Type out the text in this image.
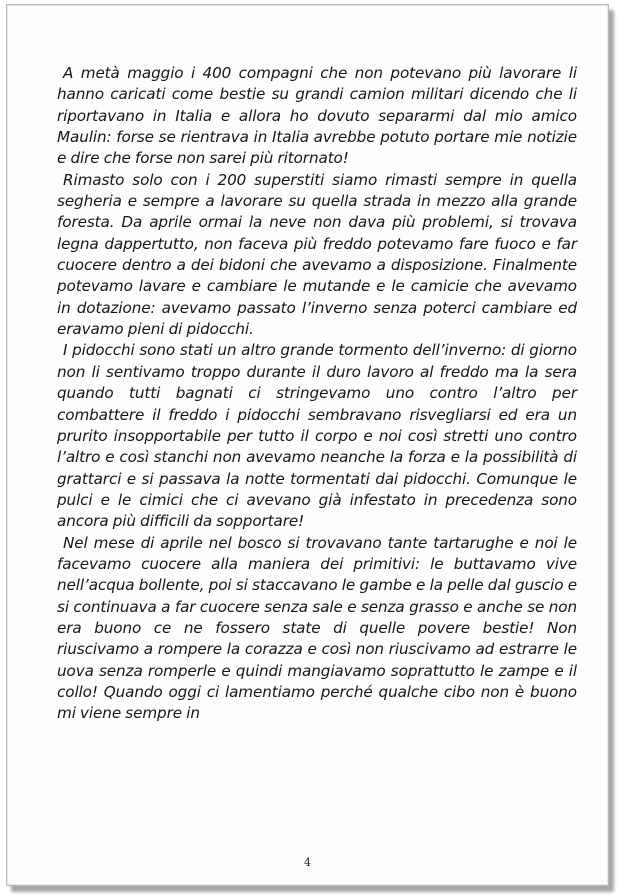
A metà maggio i 400 compagni che non potevano più lavorare li hanno caricati come bestie su grandi camion militari dicendo che li riportavano in Italia e allora ho dovuto separarmi dal mio amico Maulin: forse se rientrava in Italia avrebbe potuto portare mie notizie e dire che forse non sarei più ritornato!

Rimasto solo con i 200 superstiti siamo rimasti sempre in quella segheria e sempre a lavorare su quella strada in mezzo alla grande foresta. Da aprile ormai la neve non dava più problemi, si trovava legna dappertutto, non faceva più freddo potevamo fare fuoco e far cuocere dentro a dei bidoni che avevamo a disposizione. Finalmente potevamo lavare e cambiare le mutande e le camicie che avevamo in dotazione: avevamo passato l’inverno senza poterci cambiare ed eravamo pieni di pidocchi.

I pidocchi sono stati un altro grande tormento dell’inverno: di giorno non li sentivamo troppo durante il duro lavoro al freddo ma la sera quando tutti bagnati ci stringevamo uno contro l’altro per combattere il freddo i pidocchi sembravano risvegliarsi ed era un prurito insopportabile per tutto il corpo e noi così stretti uno contro l’altro e così stanchi non avevamo neanche la forza e la possibilità di grattarci e si passava la notte tormentati dai pidocchi. Comunque le pulci e le cimici che ci avevano già infestato in precedenza sono ancora più difficili da sopportare!

Nel mese di aprile nel bosco si trovavano tante tartarughe e noi le facevamo cuocere alla maniera dei primitivi: le buttavamo vive nell’acqua bollente, poi si staccavano le gambe e la pelle dal guscio e si continuava a far cuocere senza sale e senza grasso e anche se non era buono ce ne fossero state di quelle povere bestie! Non riuscivamo a rompere la corazza e così non riuscivamo ad estrarre le uova senza romperle e quindi mangiavamo soprattutto le zampe e il collo! Quando oggi ci lamentiamo perché qualche cibo non è buono mi viene sempre in

4
